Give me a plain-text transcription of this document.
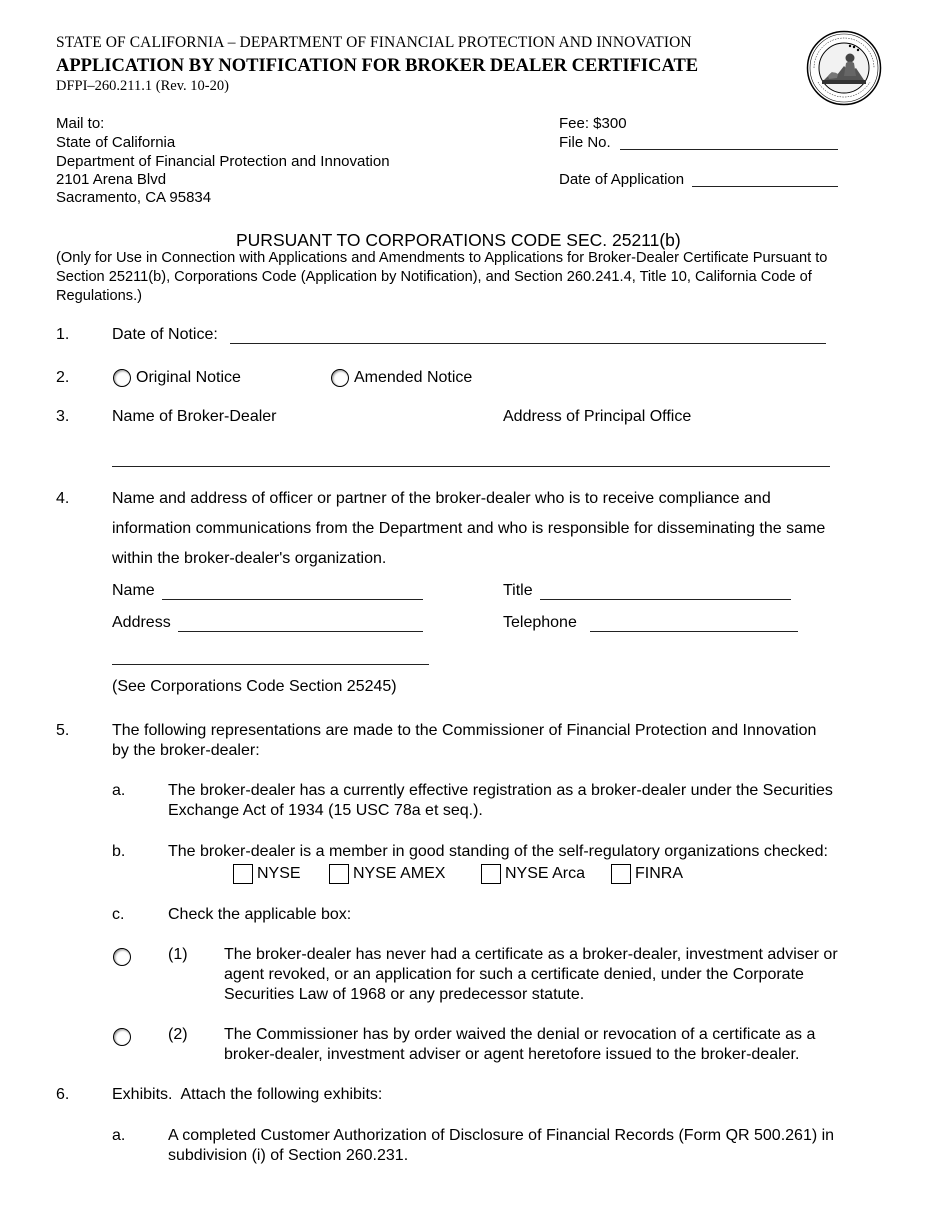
STATE OF CALIFORNIA – DEPARTMENT OF FINANCIAL PROTECTION AND INNOVATION
APPLICATION BY NOTIFICATION FOR BROKER DEALER CERTIFICATE
DFPI–260.211.1 (Rev. 10-20)
Mail to:
State of California
Department of Financial Protection and Innovation
2101 Arena Blvd
Sacramento, CA 95834
Fee: $300
File No.
Date of Application
PURSUANT TO CORPORATIONS CODE SEC. 25211(b)
(Only for Use in Connection with Applications and Amendments to Applications for Broker-Dealer Certificate Pursuant to
Section 25211(b), Corporations Code (Application by Notification), and Section 260.241.4, Title 10, California Code of
Regulations.)
1.	Date of Notice:
2.	Original Notice	Amended Notice
3.	Name of Broker-Dealer	Address of Principal Office
4.	Name and address of officer or partner of the broker-dealer who is to receive compliance and
information communications from the Department and who is responsible for disseminating the same
within the broker-dealer's organization.
Name	Title
Address	Telephone
(See Corporations Code Section 25245)
5.	The following representations are made to the Commissioner of Financial Protection and Innovation
by the broker-dealer:
a.	The broker-dealer has a currently effective registration as a broker-dealer under the Securities
Exchange Act of 1934 (15 USC 78a et seq.).
b.	The broker-dealer is a member in good standing of the self-regulatory organizations checked:
NYSE	NYSE AMEX	NYSE Arca	FINRA
c.	Check the applicable box:
(1) The broker-dealer has never had a certificate as a broker-dealer, investment adviser or
agent revoked, or an application for such a certificate denied, under the Corporate
Securities Law of 1968 or any predecessor statute.
(2) The Commissioner has by order waived the denial or revocation of a certificate as a
broker-dealer, investment adviser or agent heretofore issued to the broker-dealer.
6.	Exhibits.  Attach the following exhibits:
a.	A completed Customer Authorization of Disclosure of Financial Records (Form QR 500.261) in
subdivision (i) of Section 260.231.
